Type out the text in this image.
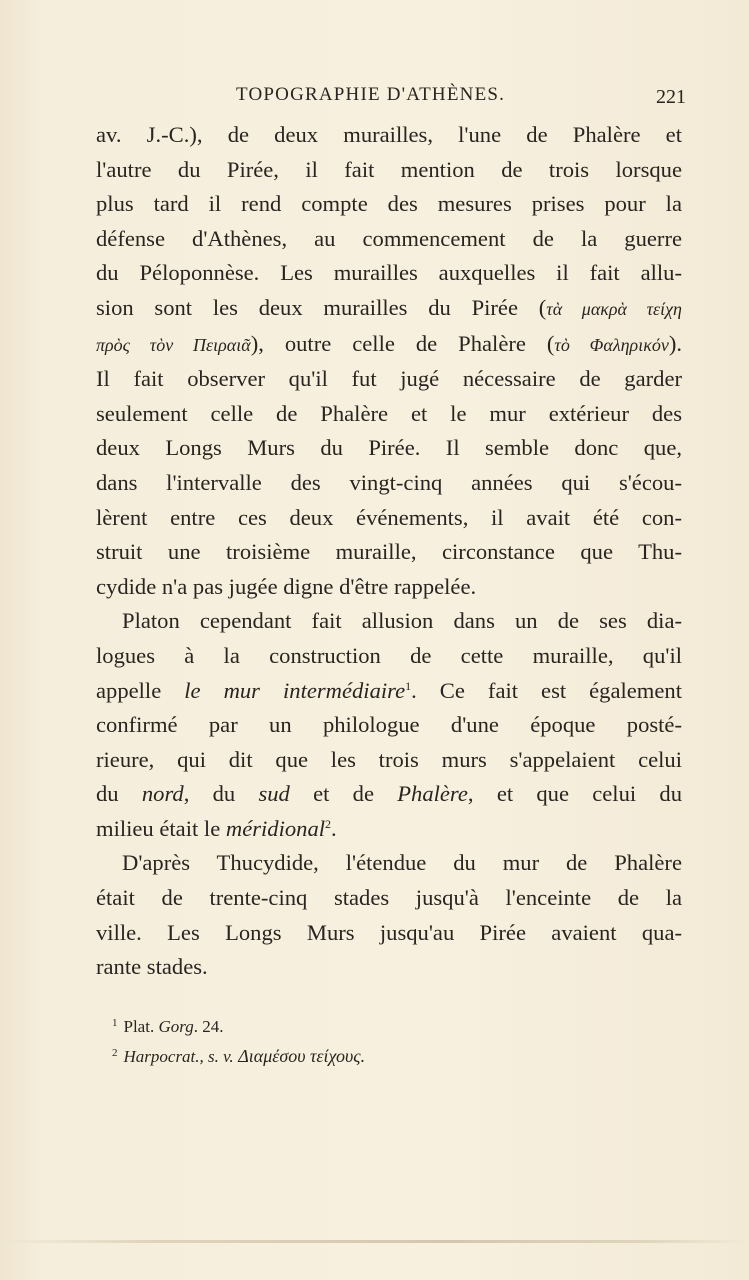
TOPOGRAPHIE D'ATHÈNES.	221
av. J.-C.), de deux murailles, l'une de Phalère et
l'autre du Pirée, il fait mention de trois lorsque
plus tard il rend compte des mesures prises pour la
défense d'Athènes, au commencement de la guerre
du Péloponnèse. Les murailles auxquelles il fait allu-
sion sont les deux murailles du Pirée (τὰ μακρὰ τείχη
πρὸς τὸν Πειραιᾶ), outre celle de Phalère (τὸ Φαληρικόν).
Il fait observer qu'il fut jugé nécessaire de garder
seulement celle de Phalère et le mur extérieur des
deux Longs Murs du Pirée. Il semble donc que,
dans l'intervalle des vingt-cinq années qui s'écou-
lèrent entre ces deux événements, il avait été con-
struit une troisième muraille, circonstance que Thu-
cydide n'a pas jugée digne d'être rappelée.
Platon cependant fait allusion dans un de ses dia-
logues à la construction de cette muraille, qu'il
appelle le mur intermédiaire$^1$. Ce fait est également
confirmé par un philologue d'une époque posté-
rieure, qui dit que les trois murs s'appelaient celui
du nord, du sud et de Phalère, et que celui du
milieu était le méridional$^2$.
D'après Thucydide, l'étendue du mur de Phalère
était de trente-cinq stades jusqu'à l'enceinte de la
ville. Les Longs Murs jusqu'au Pirée avaient qua-
rante stades.
$^1$ Plat. Gorg. 24.
$^2$ Harpocrat., s. v. Διαμέσου τείχους.
